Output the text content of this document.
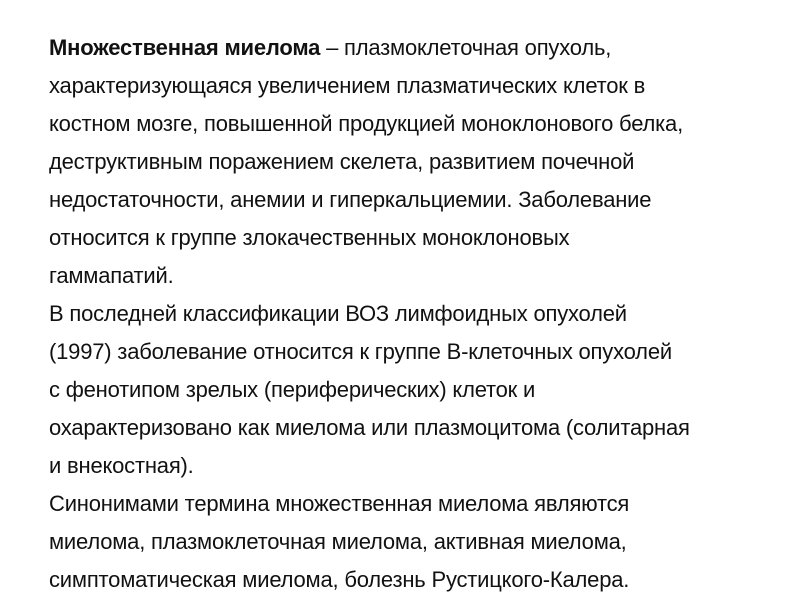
Множественная миелома – плазмоклеточная опухоль,
характеризующаяся увеличением плазматических клеток в
костном мозге, повышенной продукцией моноклонового белка,
деструктивным поражением скелета, развитием почечной
недостаточности, анемии и гиперкальциемии. Заболевание
относится к группе злокачественных моноклоновых
гаммапатий.
В последней классификации ВОЗ лимфоидных опухолей
(1997) заболевание относится к группе В-клеточных опухолей
с фенотипом зрелых (периферических) клеток и
охарактеризовано как миелома или плазмоцитома (солитарная
и внекостная).
Синонимами термина множественная миелома являются
миелома, плазмоклеточная миелома, активная миелома,
симптоматическая миелома, болезнь Рустицкого-Калера.
